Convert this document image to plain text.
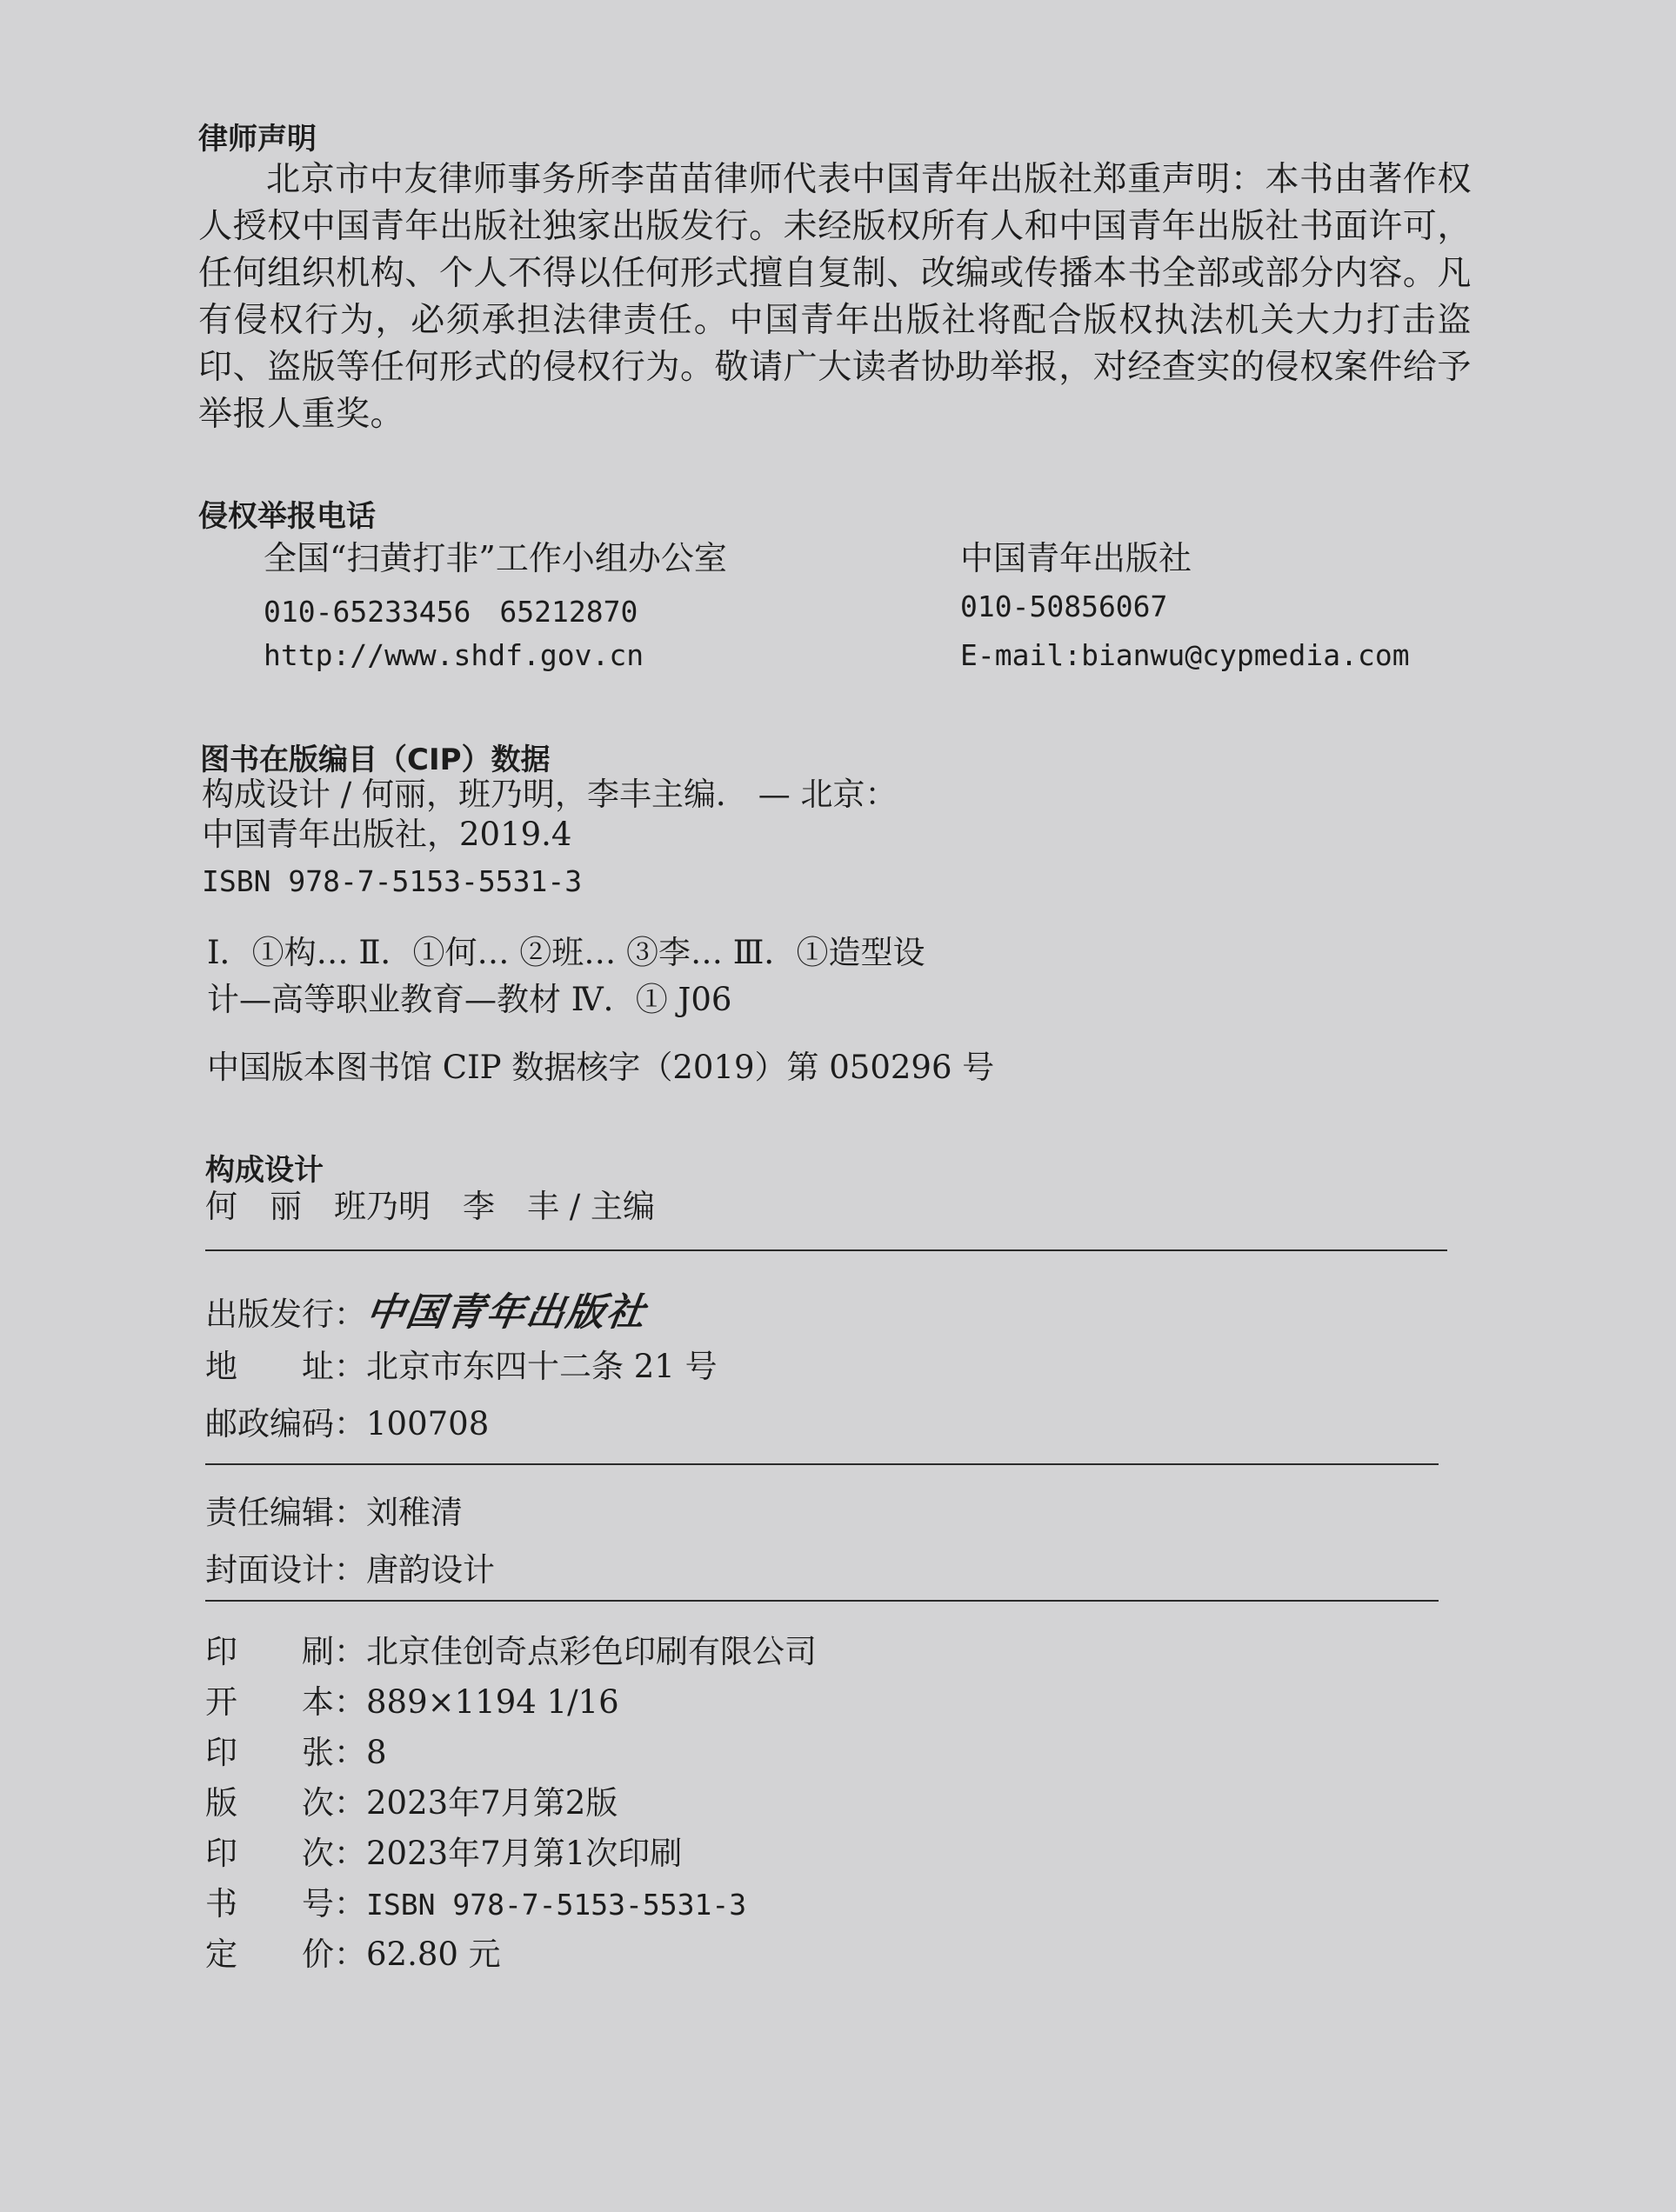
律师声明
北京市中友律师事务所李苗苗律师代表中国青年出版社郑重声明：本书由著作权人授权中国青年出版社独家出版发行。未经版权所有人和中国青年出版社书面许可，任何组织机构、个人不得以任何形式擅自复制、改编或传播本书全部或部分内容。凡有侵权行为，必须承担法律责任。中国青年出版社将配合版权执法机关大力打击盗印、盗版等任何形式的侵权行为。敬请广大读者协助举报，对经查实的侵权案件给予举报人重奖。
侵权举报电话
全国“扫黄打非”工作小组办公室
010-65233456　65212870
http://www.shdf.gov.cn
中国青年出版社
010-50856067
E-mail:bianwu@cypmedia.com
图书在版编目（CIP）数据
构成设计 / 何丽，班乃明，李丰主编． — 北京：
中国青年出版社，2019.4
ISBN 978-7-5153-5531-3
Ⅰ．①构… Ⅱ．①何… ②班… ③李… Ⅲ．①造型设
计—高等职业教育—教材 Ⅳ．① J06
中国版本图书馆 CIP 数据核字（2019）第 050296 号
构成设计
何　丽　班乃明　李　丰 / 主编
出版发行：中国青年出版社
地　　址：北京市东四十二条 21 号
邮政编码：100708
责任编辑：刘稚清
封面设计：唐韵设计
印　　刷：北京佳创奇点彩色印刷有限公司
开　　本：889×1194 1/16
印　　张：8
版　　次：2023年7月第2版
印　　次：2023年7月第1次印刷
书　　号：ISBN 978-7-5153-5531-3
定　　价：62.80 元
